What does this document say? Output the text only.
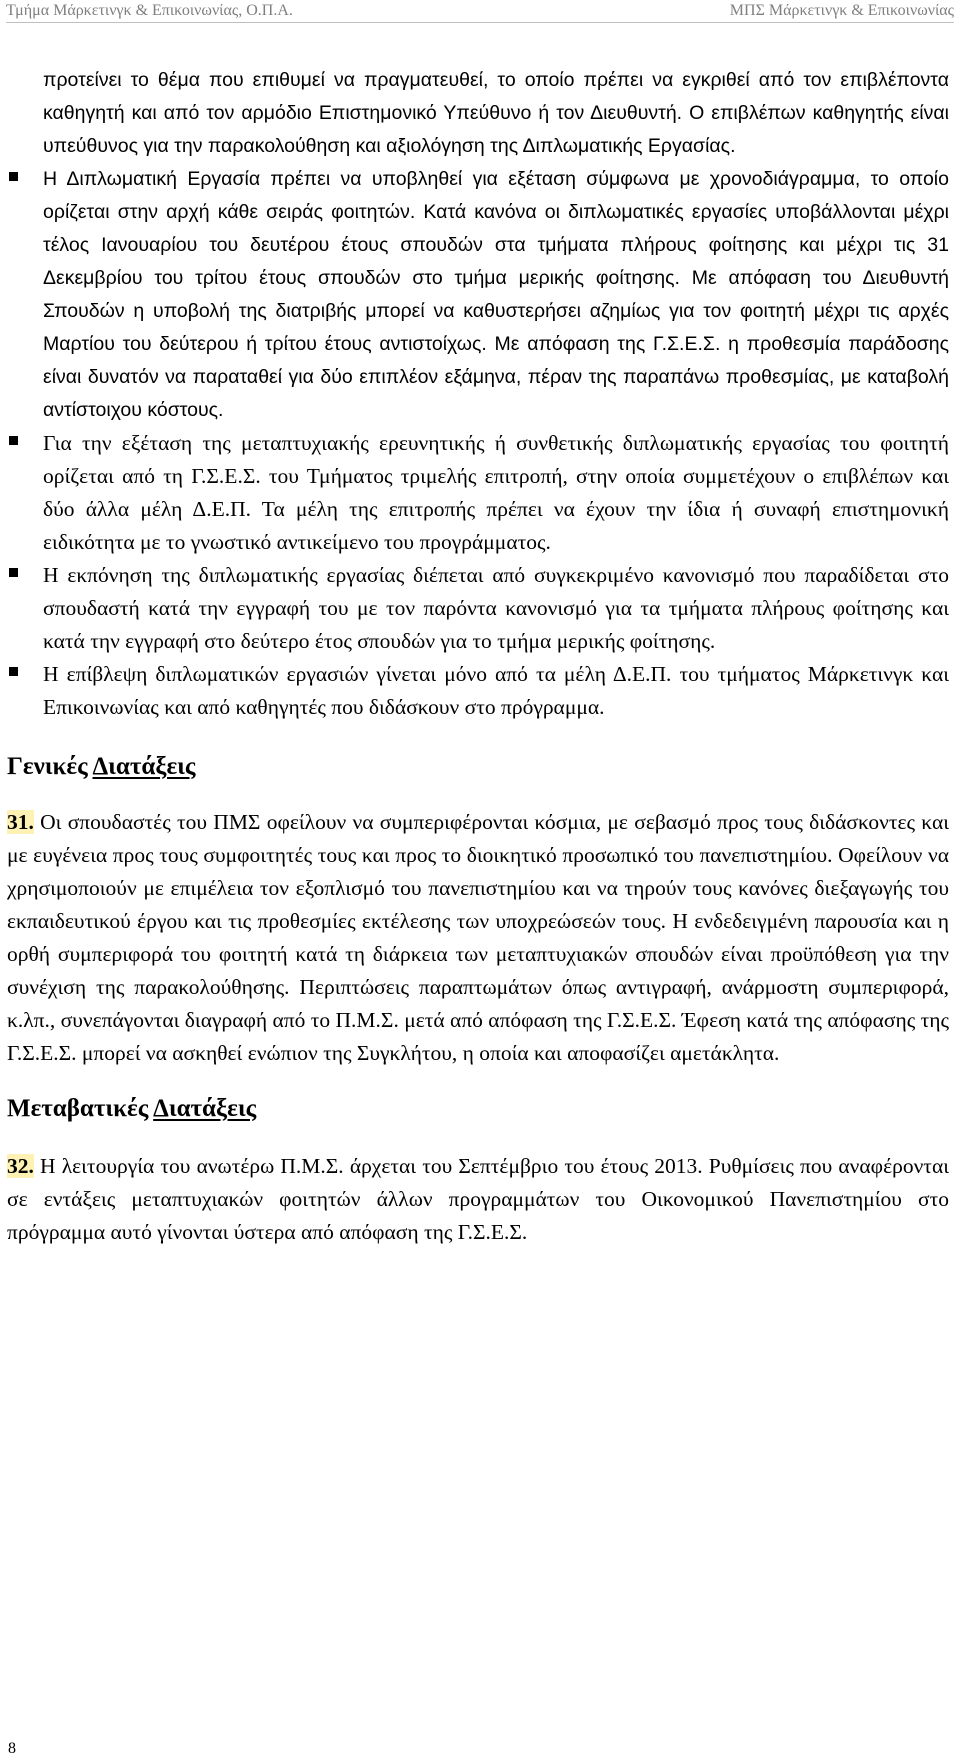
Τμήμα Μάρκετινγκ & Επικοινωνίας, Ο.Π.Α.	ΜΠΣ Μάρκετινγκ & Επικοινωνίας

προτείνει το θέμα που επιθυμεί να πραγματευθεί, το οποίο πρέπει να εγκριθεί από τον επιβλέποντα καθηγητή και από τον αρμόδιο Επιστημονικό Υπεύθυνο ή τον Διευθυντή. Ο επιβλέπων καθηγητής είναι υπεύθυνος για την παρακολούθηση και αξιολόγηση της Διπλωματικής Εργασίας.

Η Διπλωματική Εργασία πρέπει να υποβληθεί για εξέταση σύμφωνα με χρονοδιάγραμμα, το οποίο ορίζεται στην αρχή κάθε σειράς φοιτητών. Κατά κανόνα οι διπλωματικές εργασίες υποβάλλονται μέχρι τέλος Ιανουαρίου του δευτέρου έτους σπουδών στα τμήματα πλήρους φοίτησης και μέχρι τις 31 Δεκεμβρίου του τρίτου έτους σπουδών στο τμήμα μερικής φοίτησης. Με απόφαση του Διευθυντή Σπουδών η υποβολή της διατριβής μπορεί να καθυστερήσει αζημίως για τον φοιτητή μέχρι τις αρχές Μαρτίου του δεύτερου ή τρίτου έτους αντιστοίχως. Με απόφαση της Γ.Σ.Ε.Σ. η προθεσμία παράδοσης είναι δυνατόν να παραταθεί για δύο επιπλέον εξάμηνα, πέραν της παραπάνω προθεσμίας, με καταβολή αντίστοιχου κόστους.
Για την εξέταση της μεταπτυχιακής ερευνητικής ή συνθετικής διπλωματικής εργασίας του φοιτητή ορίζεται από τη Γ.Σ.Ε.Σ. του Τμήματος τριμελής επιτροπή, στην οποία συμμετέχουν ο επιβλέπων και δύο άλλα μέλη Δ.Ε.Π. Τα μέλη της επιτροπής πρέπει να έχουν την ίδια ή συναφή επιστημονική ειδικότητα με το γνωστικό αντικείμενο του προγράμματος.
Η εκπόνηση της διπλωματικής εργασίας διέπεται από συγκεκριμένο κανονισμό που παραδίδεται στο σπουδαστή κατά την εγγραφή του με τον παρόντα κανονισμό για τα τμήματα πλήρους φοίτησης και κατά την εγγραφή στο δεύτερο έτος σπουδών για το τμήμα μερικής φοίτησης.
Η επίβλεψη διπλωματικών εργασιών γίνεται μόνο από τα μέλη Δ.Ε.Π. του τμήματος Μάρκετινγκ και Επικοινωνίας και από καθηγητές που διδάσκουν στο πρόγραμμα.
Γενικές Διατάξεις

31. Οι σπουδαστές του ΠΜΣ οφείλουν να συμπεριφέρονται κόσμια, με σεβασμό προς τους διδάσκοντες και με ευγένεια προς τους συμφοιτητές τους και προς το διοικητικό προσωπικό του πανεπιστημίου. Οφείλουν να χρησιμοποιούν με επιμέλεια τον εξοπλισμό του πανεπιστημίου και να τηρούν τους κανόνες διεξαγωγής του εκπαιδευτικού έργου και τις προθεσμίες εκτέλεσης των υποχρεώσεών τους. Η ενδεδειγμένη παρουσία και η ορθή συμπεριφορά του φοιτητή κατά τη διάρκεια των μεταπτυχιακών σπουδών είναι προϋπόθεση για την συνέχιση της παρακολούθησης. Περιπτώσεις παραπτωμάτων όπως αντιγραφή, ανάρμοστη συμπεριφορά, κ.λπ., συνεπάγονται διαγραφή από το Π.Μ.Σ. μετά από απόφαση της Γ.Σ.Ε.Σ. Έφεση κατά της απόφασης της Γ.Σ.Ε.Σ. μπορεί να ασκηθεί ενώπιον της Συγκλήτου, η οποία και αποφασίζει αμετάκλητα.

Μεταβατικές Διατάξεις

32. Η λειτουργία του ανωτέρω Π.Μ.Σ. άρχεται του Σεπτέμβριο του έτους 2013. Ρυθμίσεις που αναφέρονται σε εντάξεις μεταπτυχιακών φοιτητών άλλων προγραμμάτων του Οικονομικού Πανεπιστημίου στο πρόγραμμα αυτό γίνονται ύστερα από απόφαση της Γ.Σ.Ε.Σ.

8
